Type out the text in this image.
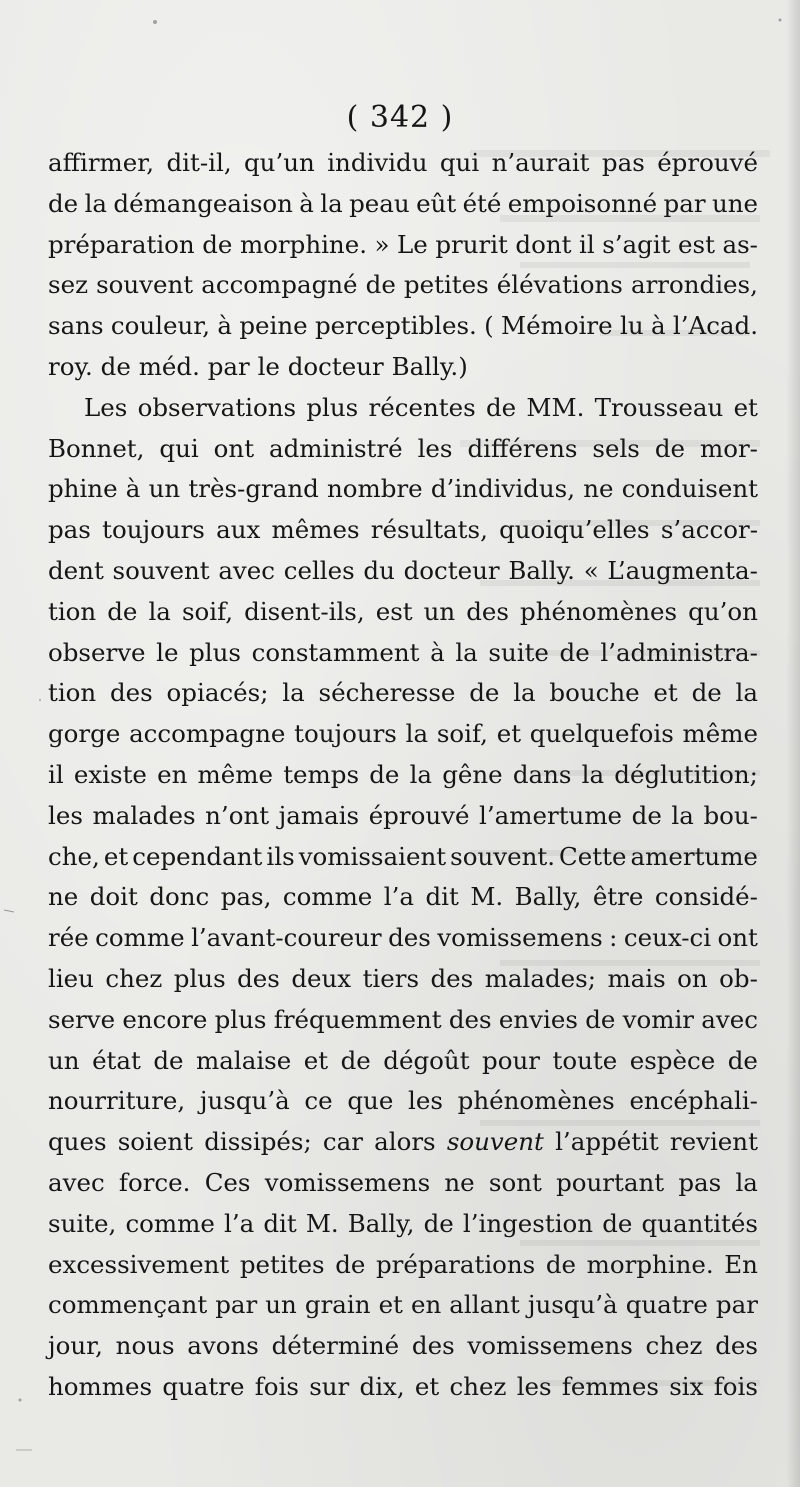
( 342 )
affirmer, dit-il, qu’un individu qui n’aurait pas éprouvé
de la démangeaison à la peau eût été empoisonné par une
préparation de morphine. » Le prurit dont il s’agit est as-
sez souvent accompagné de petites élévations arrondies,
sans couleur, à peine perceptibles. ( Mémoire lu à l’Acad.
roy. de méd. par le docteur Bally.)
Les observations plus récentes de MM. Trousseau et
Bonnet, qui ont administré les différens sels de mor-
phine à un très-grand nombre d’individus, ne conduisent
pas toujours aux mêmes résultats, quoiqu’elles s’accor-
dent souvent avec celles du docteur Bally. « L’augmenta-
tion de la soif, disent-ils, est un des phénomènes qu’on
observe le plus constamment à la suite de l’administra-
tion des opiacés; la sécheresse de la bouche et de la
gorge accompagne toujours la soif, et quelquefois même
il existe en même temps de la gêne dans la déglutition;
les malades n’ont jamais éprouvé l’amertume de la bou-
che, et cependant ils vomissaient souvent. Cette amertume
ne doit donc pas, comme l’a dit M. Bally, être considé-
rée comme l’avant-coureur des vomissemens : ceux-ci ont
lieu chez plus des deux tiers des malades; mais on ob-
serve encore plus fréquemment des envies de vomir avec
un état de malaise et de dégoût pour toute espèce de
nourriture, jusqu’à ce que les phénomènes encéphali-
ques soient dissipés; car alors souvent l’appétit revient
avec force. Ces vomissemens ne sont pourtant pas la
suite, comme l’a dit M. Bally, de l’ingestion de quantités
excessivement petites de préparations de morphine. En
commençant par un grain et en allant jusqu’à quatre par
jour, nous avons déterminé des vomissemens chez des
hommes quatre fois sur dix, et chez les femmes six fois
